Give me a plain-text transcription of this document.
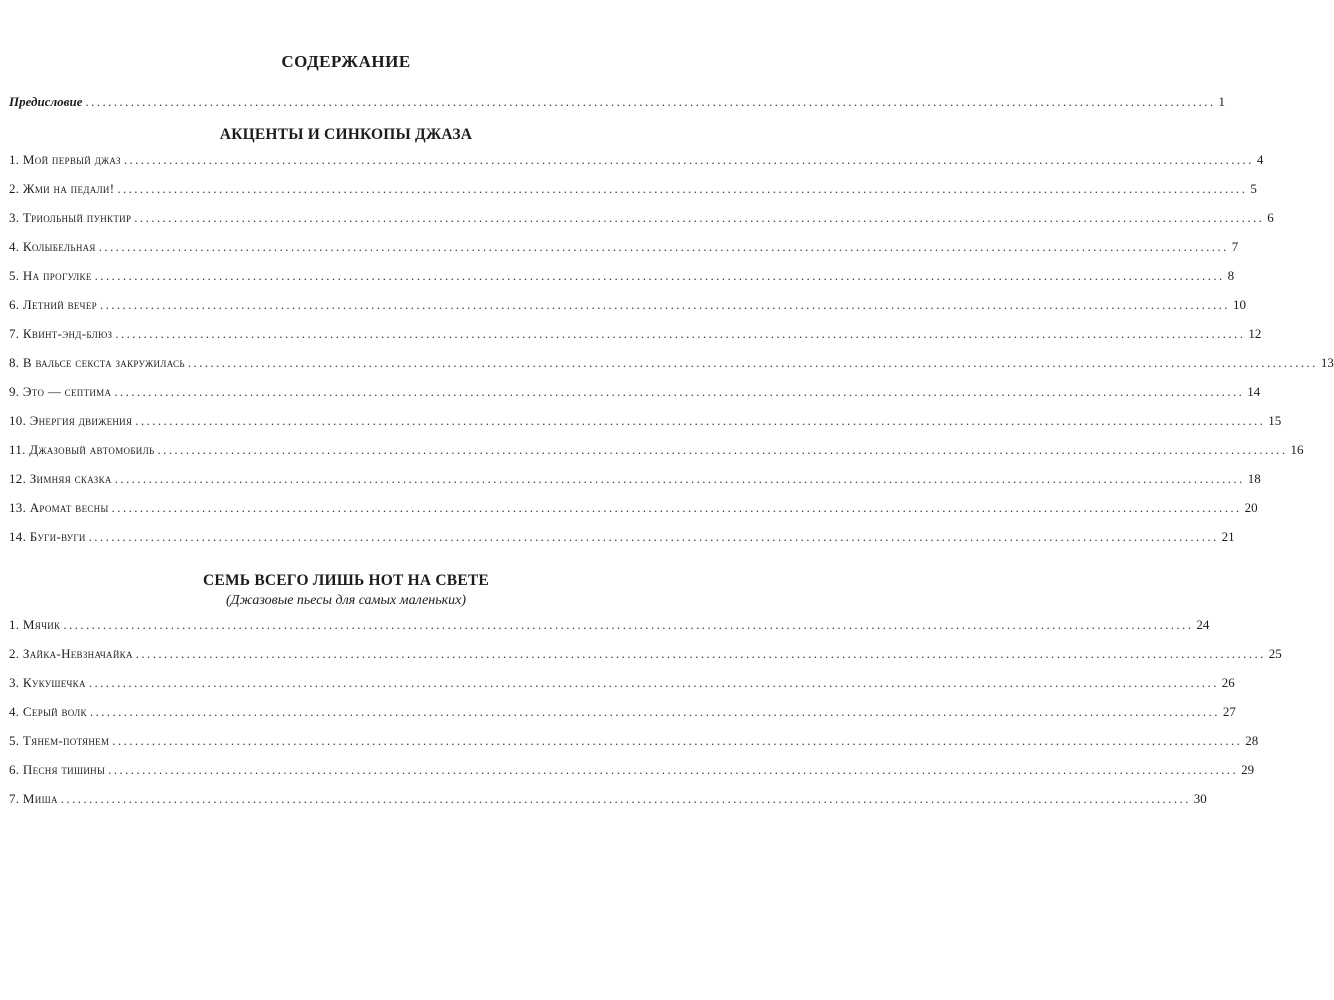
СОДЕРЖАНИЕ
Предисловие ........................................................................................................................................................................................................ 1
АКЦЕНТЫ И СИНКОПЫ ДЖАЗА
1. Мой первый джаз ........................................................................................................................................................................................................ 4
2. Жми на педали! ........................................................................................................................................................................................................ 5
3. Триольный пунктир ........................................................................................................................................................................................................ 6
4. Колыбельная ........................................................................................................................................................................................................ 7
5. На прогулке ........................................................................................................................................................................................................ 8
6. Летний вечер ........................................................................................................................................................................................................ 10
7. Квинт-энд-блюз ........................................................................................................................................................................................................ 12
8. В вальсе секста закружилась ........................................................................................................................................................................................................ 13
9. Это — септима ........................................................................................................................................................................................................ 14
10. Энергия движения ........................................................................................................................................................................................................ 15
11. Джазовый автомобиль ........................................................................................................................................................................................................ 16
12. Зимняя сказка ........................................................................................................................................................................................................ 18
13. Аромат весны ........................................................................................................................................................................................................ 20
14. Буги-вуги ........................................................................................................................................................................................................ 21
СЕМЬ ВСЕГО ЛИШЬ НОТ НА СВЕТЕ
(Джазовые пьесы для самых маленьких)
1. Мячик ........................................................................................................................................................................................................ 24
2. Зайка-Невзначайка ........................................................................................................................................................................................................ 25
3. Кукушечка ........................................................................................................................................................................................................ 26
4. Серый волк ........................................................................................................................................................................................................ 27
5. Тянем-потянем ........................................................................................................................................................................................................ 28
6. Песня тишины ........................................................................................................................................................................................................ 29
7. Миша ........................................................................................................................................................................................................ 30
